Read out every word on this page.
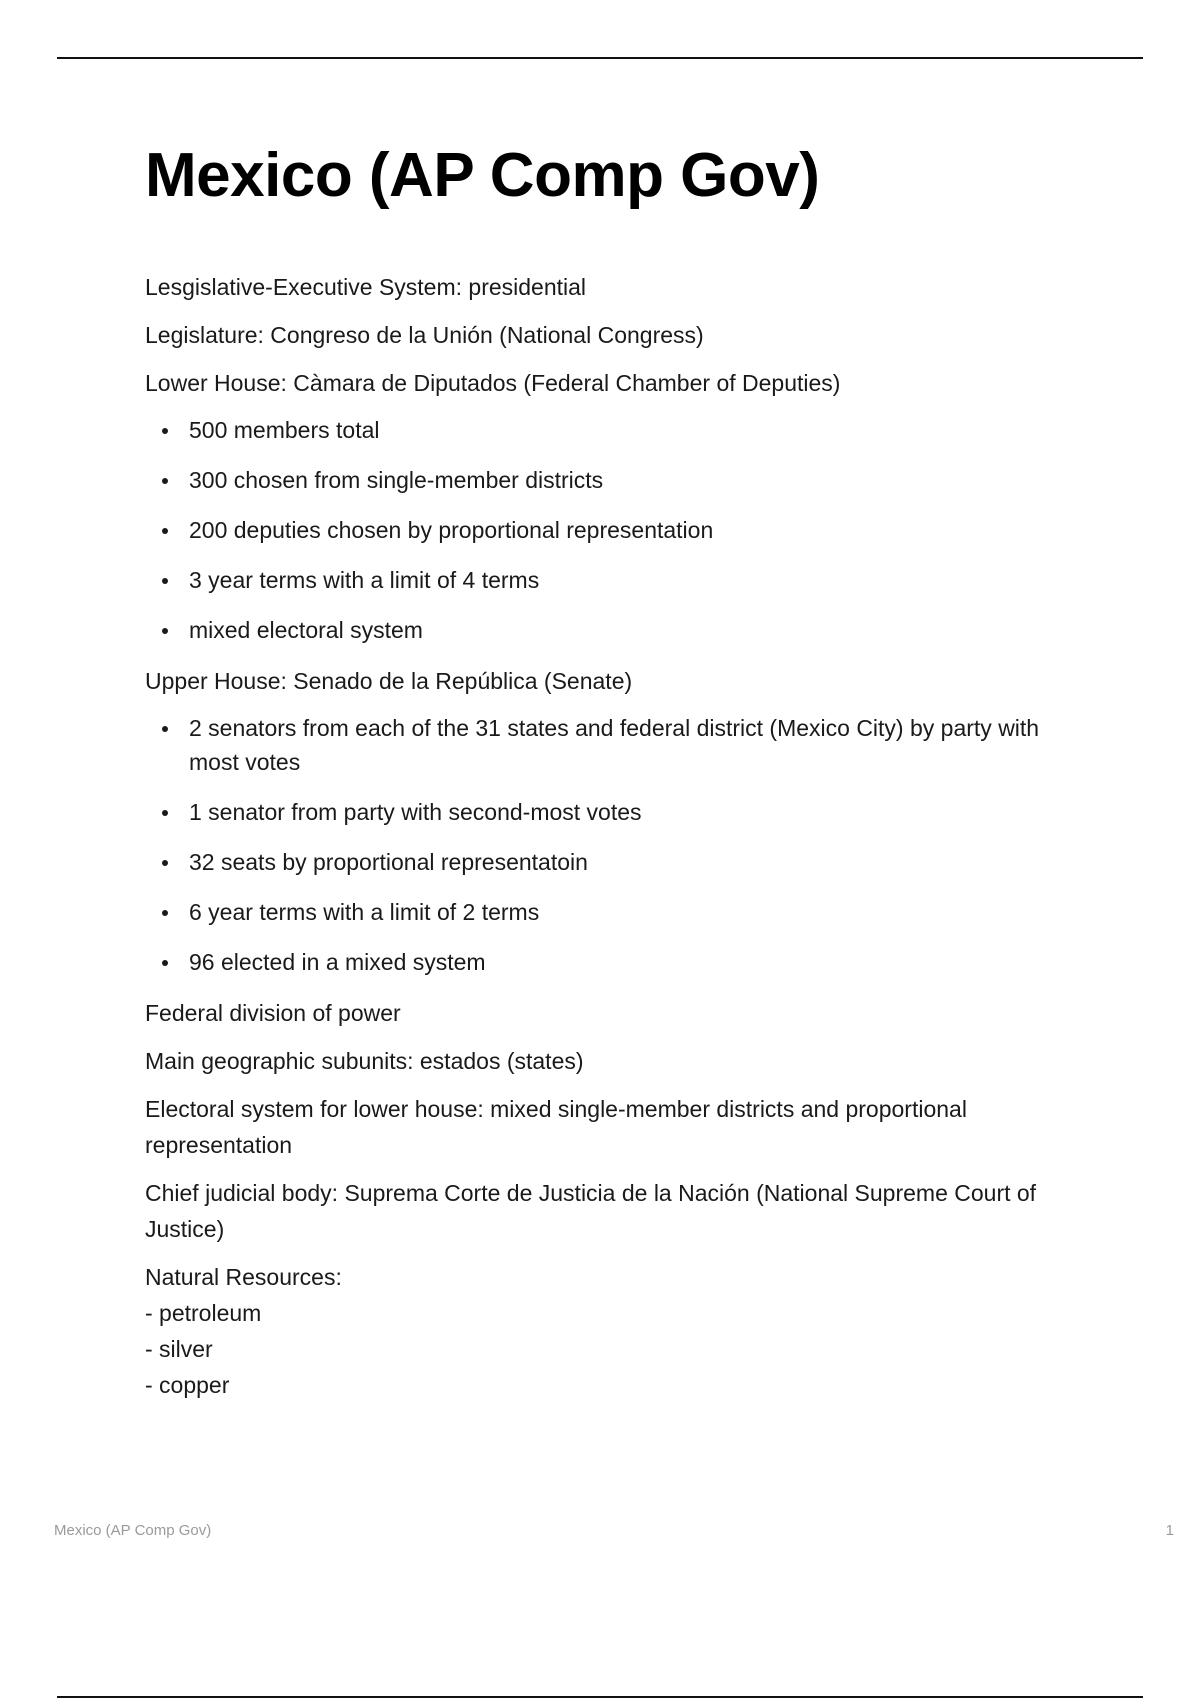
Mexico (AP Comp Gov)

Lesgislative-Executive System: presidential

Legislature: Congreso de la Unión (National Congress)

Lower House: Càmara de Diputados (Federal Chamber of Deputies)

500 members total
300 chosen from single-member districts
200 deputies chosen by proportional representation
3 year terms with a limit of 4 terms
mixed electoral system

Upper House: Senado de la República (Senate)

2 senators from each of the 31 states and federal district (Mexico City) by party with most votes
1 senator from party with second-most votes
32 seats by proportional representatoin
6 year terms with a limit of 2 terms
96 elected in a mixed system

Federal division of power

Main geographic subunits: estados (states)

Electoral system for lower house: mixed single-member districts and proportional representation

Chief judicial body: Suprema Corte de Justicia de la Nación (National Supreme Court of Justice)

Natural Resources:
- petroleum
- silver
- copper
Mexico (AP Comp Gov)	1
